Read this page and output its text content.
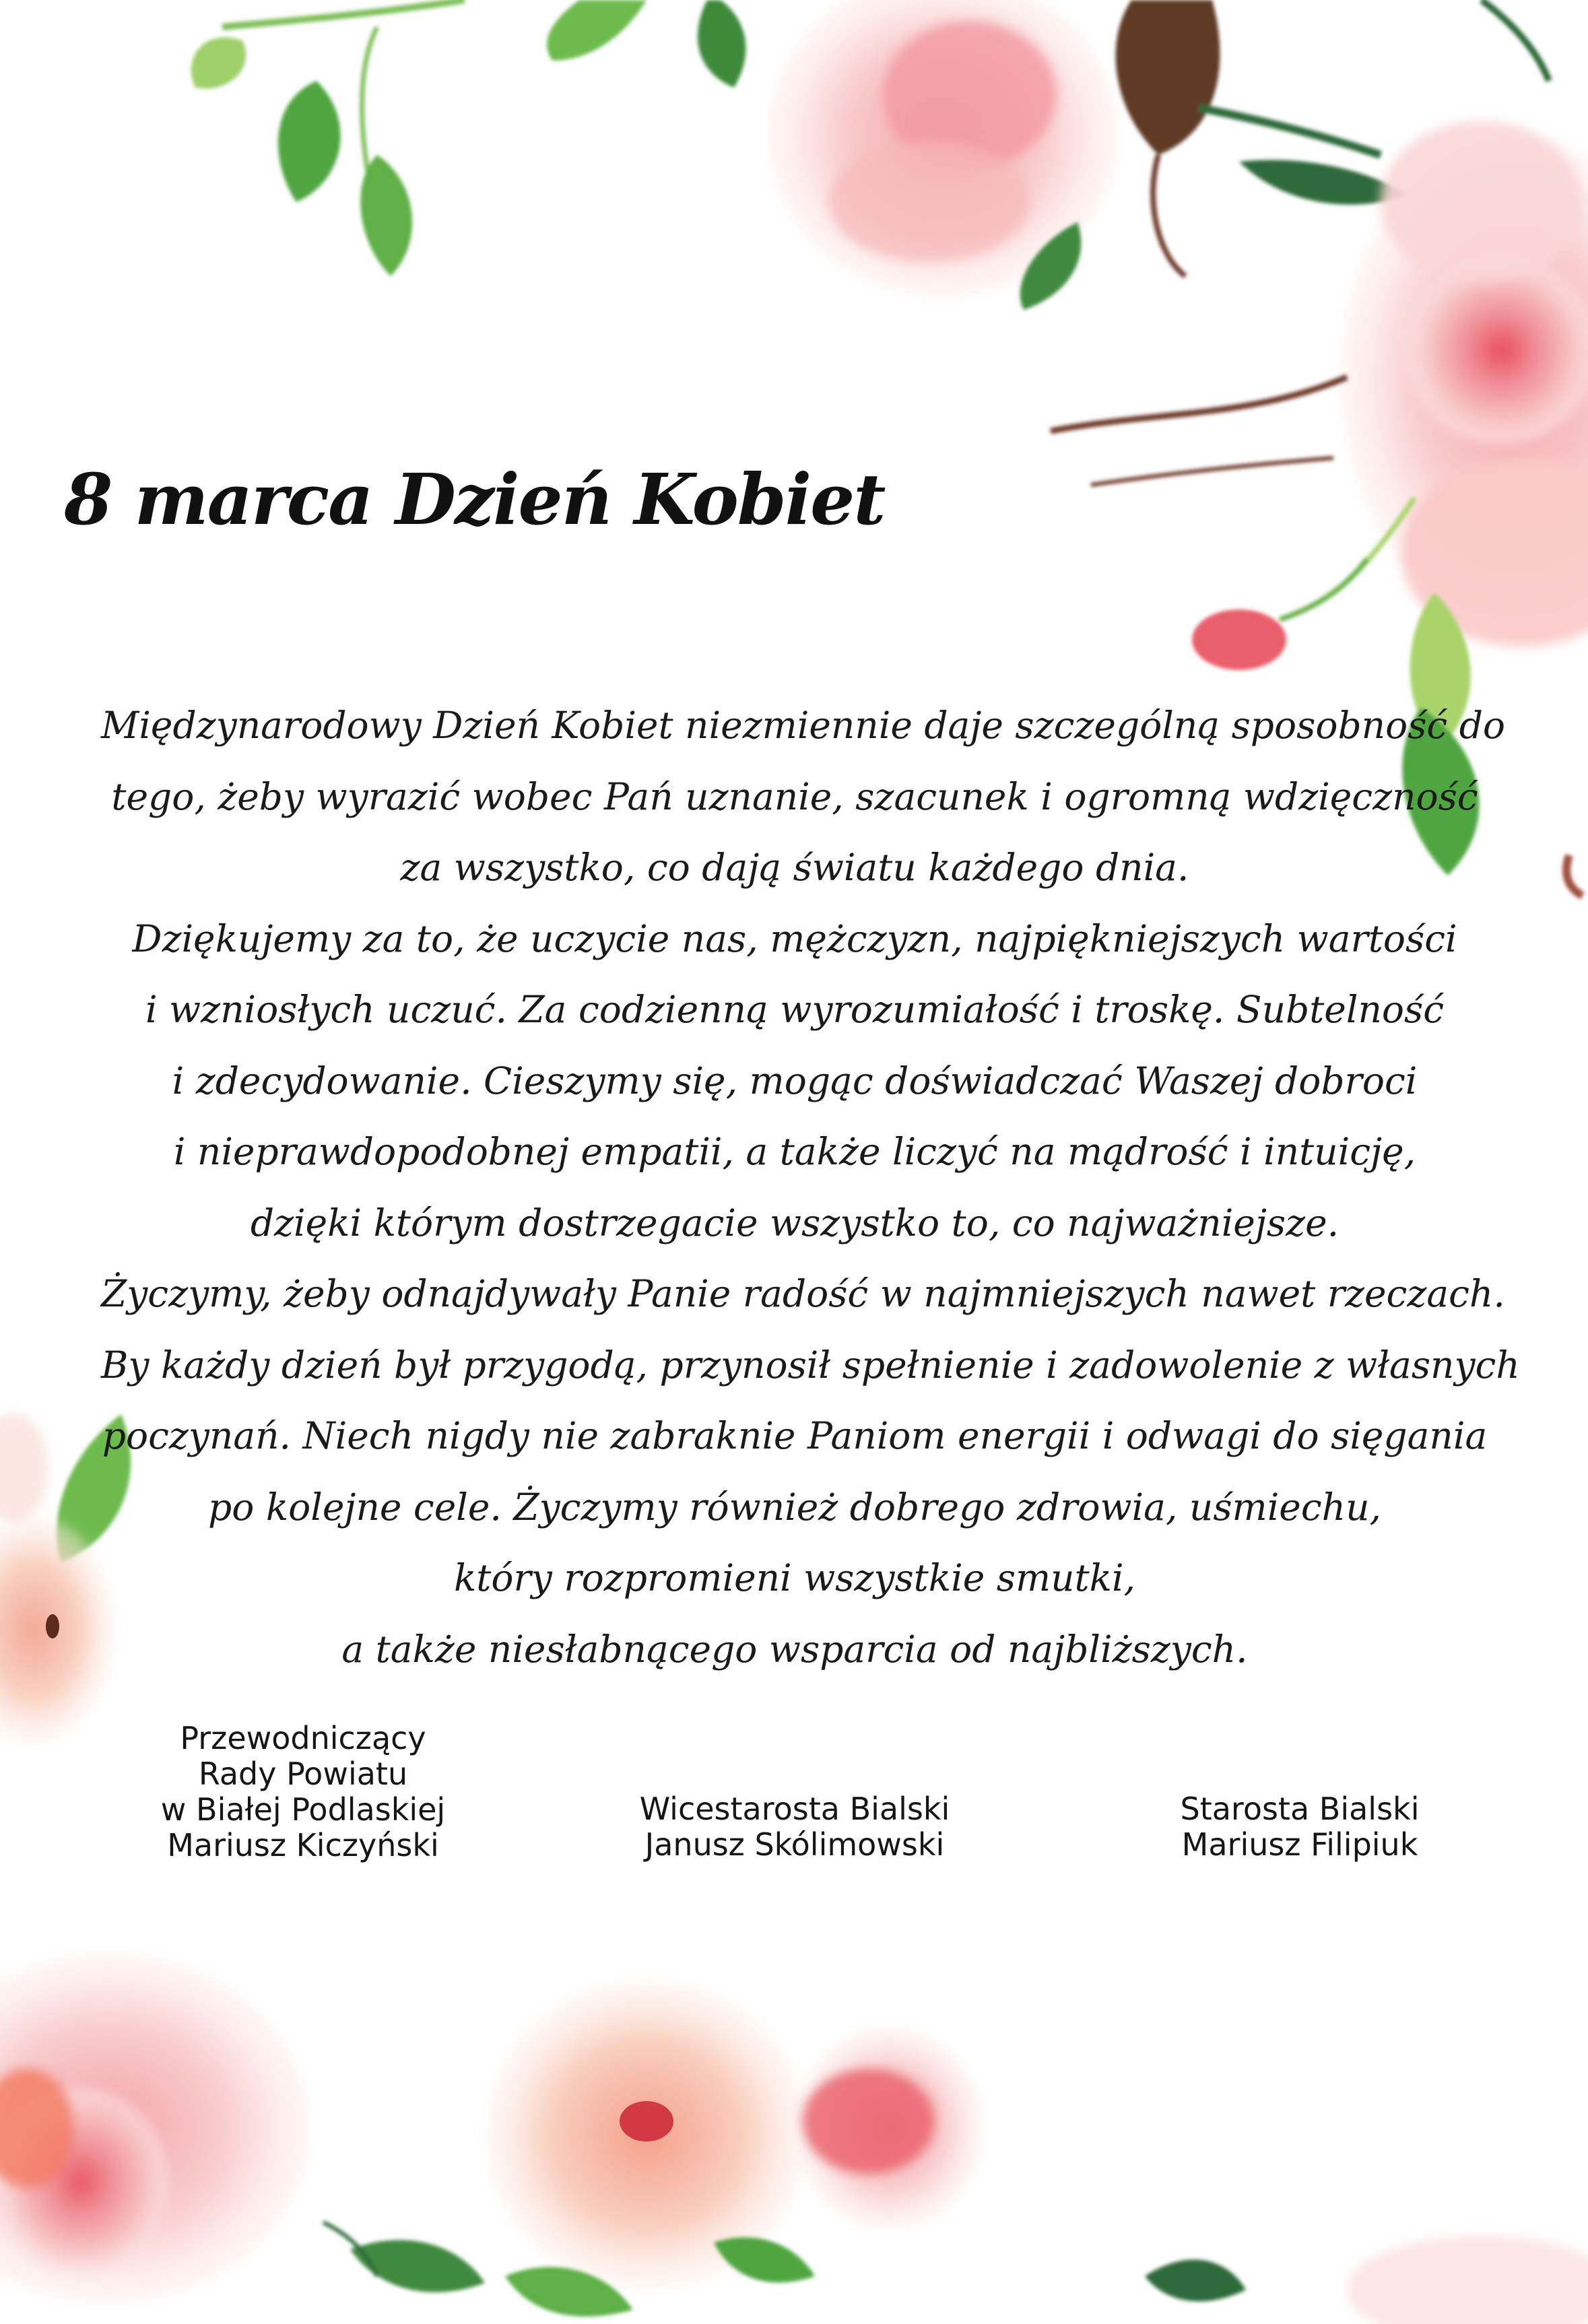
8 marca Dzień Kobiet
Międzynarodowy Dzień Kobiet niezmiennie daje szczególną sposobność do
tego, żeby wyrazić wobec Pań uznanie, szacunek i ogromną wdzięczność
za wszystko, co dają światu każdego dnia.
Dziękujemy za to, że uczycie nas, mężczyzn, najpiękniejszych wartości
i wzniosłych uczuć. Za codzienną wyrozumiałość i troskę. Subtelność
i zdecydowanie. Cieszymy się, mogąc doświadczać Waszej dobroci
i nieprawdopodobnej empatii, a także liczyć na mądrość i intuicję,
dzięki którym dostrzegacie wszystko to, co najważniejsze.
Życzymy, żeby odnajdywały Panie radość w najmniejszych nawet rzeczach.
By każdy dzień był przygodą, przynosił spełnienie i zadowolenie z własnych
poczynań. Niech nigdy nie zabraknie Paniom energii i odwagi do sięgania
po kolejne cele. Życzymy również dobrego zdrowia, uśmiechu,
który rozpromieni wszystkie smutki,
a także niesłabnącego wsparcia od najbliższych.
Przewodniczący
Rady Powiatu
w Białej Podlaskiej
Mariusz Kiczyński
Wicestarosta Bialski
Janusz Skólimowski
Starosta Bialski
Mariusz Filipiuk
